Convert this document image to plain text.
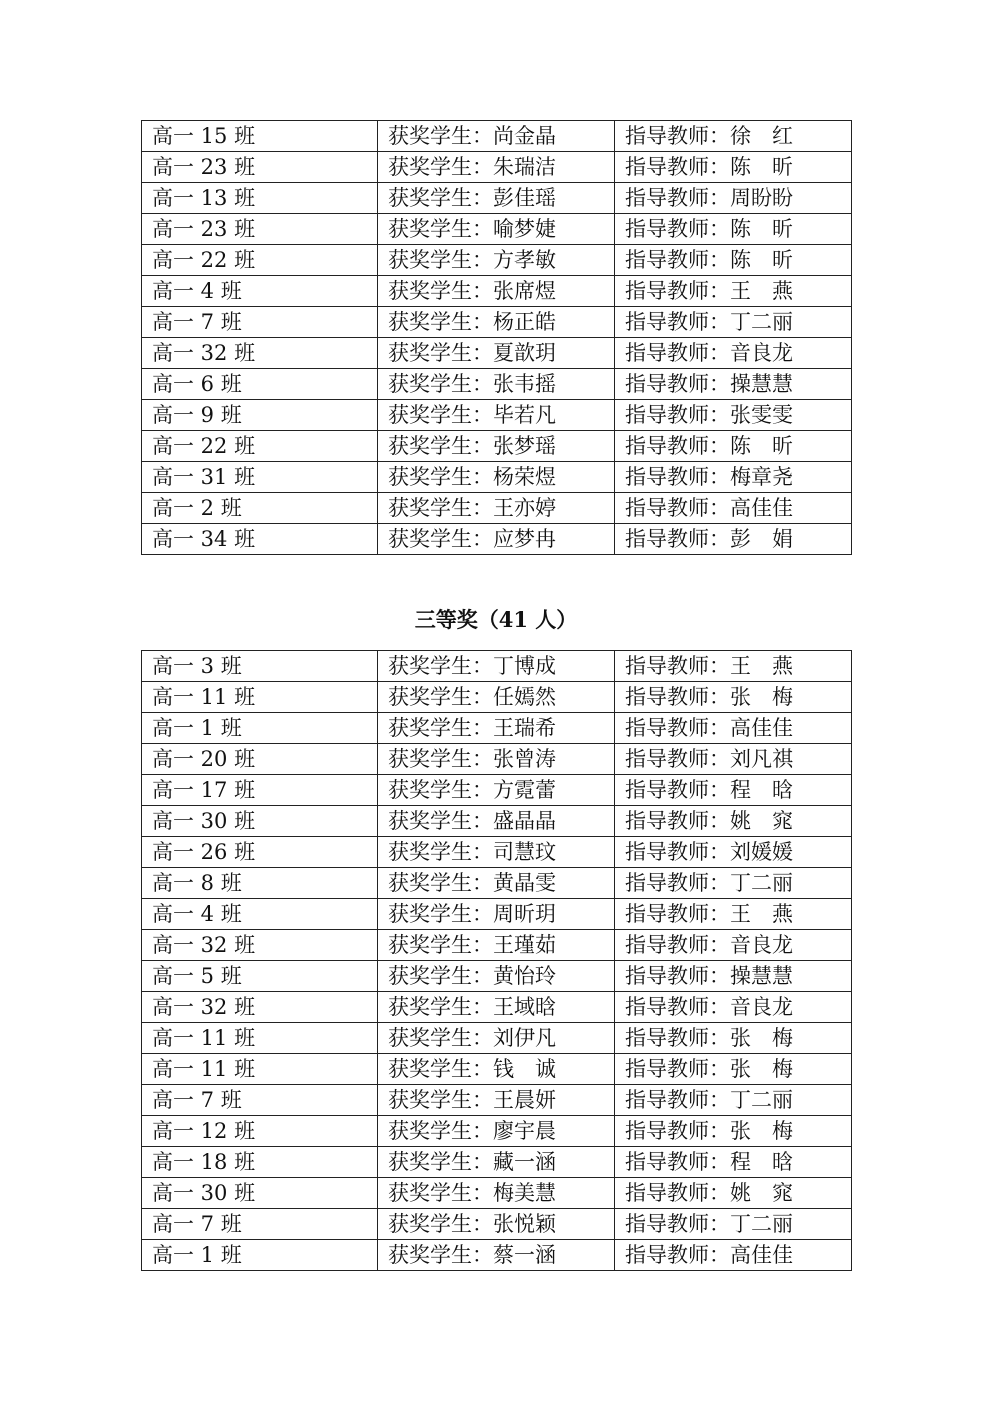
高一 15 班	获奖学生：尚金晶	指导教师：徐　红
高一 23 班	获奖学生：朱瑞洁	指导教师：陈　昕
高一 13 班	获奖学生：彭佳瑶	指导教师：周盼盼
高一 23 班	获奖学生：喻梦婕	指导教师：陈　昕
高一 22 班	获奖学生：方孝敏	指导教师：陈　昕
高一 4 班	获奖学生：张席煜	指导教师：王　燕
高一 7 班	获奖学生：杨正皓	指导教师：丁二丽
高一 32 班	获奖学生：夏歆玥	指导教师：音良龙
高一 6 班	获奖学生：张韦摇	指导教师：操慧慧
高一 9 班	获奖学生：毕若凡	指导教师：张雯雯
高一 22 班	获奖学生：张梦瑶	指导教师：陈　昕
高一 31 班	获奖学生：杨荣煜	指导教师：梅章尧
高一 2 班	获奖学生：王亦婷	指导教师：高佳佳
高一 34 班	获奖学生：应梦冉	指导教师：彭　娟
三等奖（41 人）
高一 3 班	获奖学生：丁博成	指导教师：王　燕
高一 11 班	获奖学生：任嫣然	指导教师：张　梅
高一 1 班	获奖学生：王瑞希	指导教师：高佳佳
高一 20 班	获奖学生：张曾涛	指导教师：刘凡祺
高一 17 班	获奖学生：方霓蕾	指导教师：程　晗
高一 30 班	获奖学生：盛晶晶	指导教师：姚　窕
高一 26 班	获奖学生：司慧玟	指导教师：刘媛媛
高一 8 班	获奖学生：黄晶雯	指导教师：丁二丽
高一 4 班	获奖学生：周昕玥	指导教师：王　燕
高一 32 班	获奖学生：王瑾茹	指导教师：音良龙
高一 5 班	获奖学生：黄怡玲	指导教师：操慧慧
高一 32 班	获奖学生：王域晗	指导教师：音良龙
高一 11 班	获奖学生：刘伊凡	指导教师：张　梅
高一 11 班	获奖学生：钱　诚	指导教师：张　梅
高一 7 班	获奖学生：王晨妍	指导教师：丁二丽
高一 12 班	获奖学生：廖宇晨	指导教师：张　梅
高一 18 班	获奖学生：藏一涵	指导教师：程　晗
高一 30 班	获奖学生：梅美慧	指导教师：姚　窕
高一 7 班	获奖学生：张悦颖	指导教师：丁二丽
高一 1 班	获奖学生：蔡一涵	指导教师：高佳佳
